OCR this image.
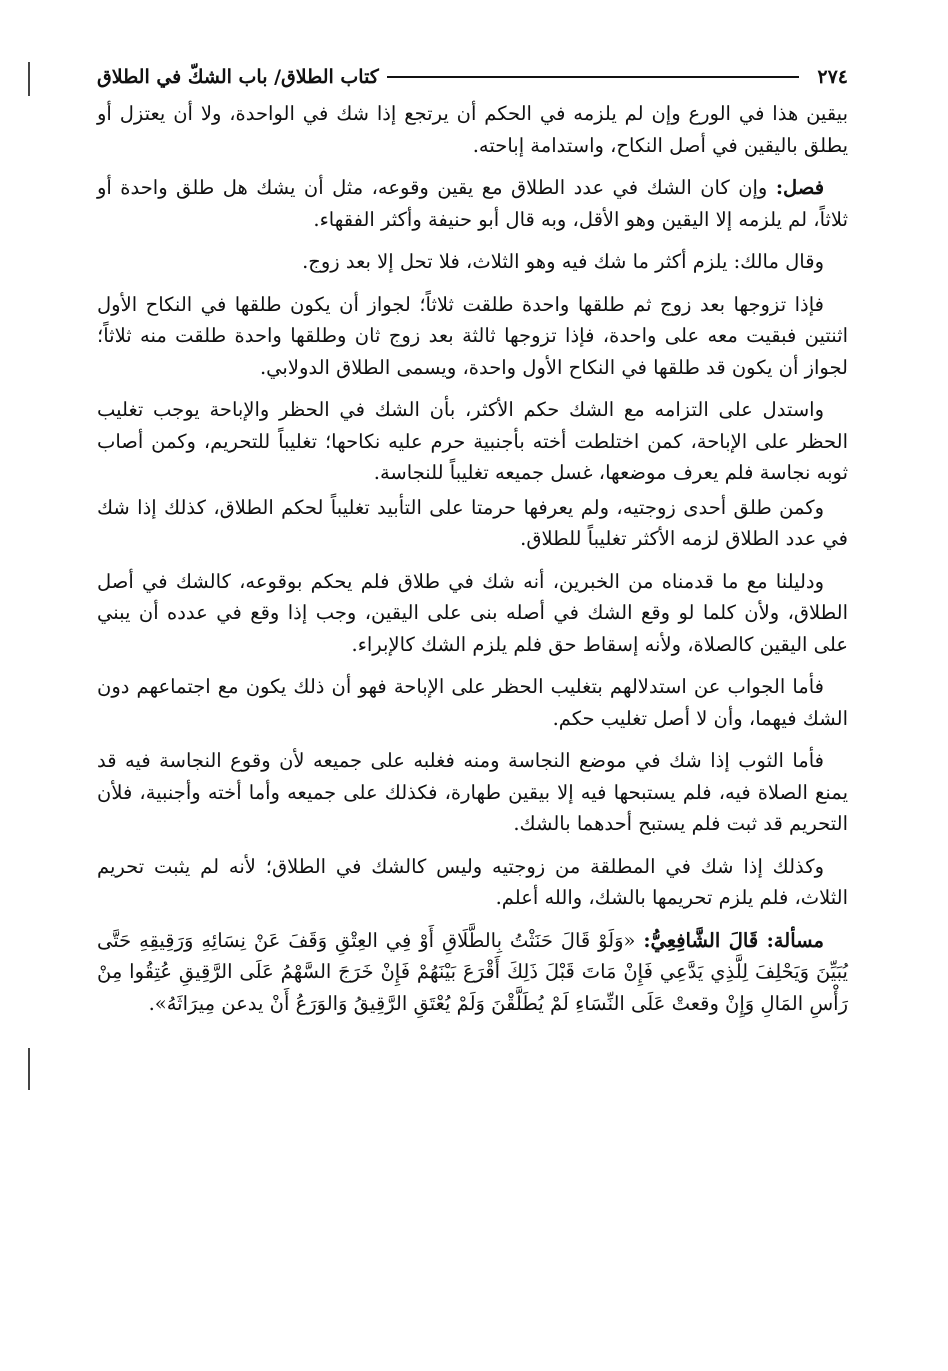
٢٧٤
كتاب الطلاق/ باب الشكّ في الطلاق

بيقين هذا في الورع وإن لم يلزمه في الحكم أن يرتجع إذا شك في الواحدة، ولا أن يعتزل أو يطلق باليقين في أصل النكاح، واستدامة إباحته.

فصل: وإن كان الشك في عدد الطلاق مع يقين وقوعه، مثل أن يشك هل طلق واحدة أو ثلاثاً، لم يلزمه إلا اليقين وهو الأقل، وبه قال أبو حنيفة وأكثر الفقهاء.

وقال مالك: يلزم أكثر ما شك فيه وهو الثلاث، فلا تحل إلا بعد زوج.

فإذا تزوجها بعد زوج ثم طلقها واحدة طلقت ثلاثاً؛ لجواز أن يكون طلقها في النكاح الأول اثنتين فبقيت معه على واحدة، فإذا تزوجها ثالثة بعد زوج ثان وطلقها واحدة طلقت منه ثلاثاً؛ لجواز أن يكون قد طلقها في النكاح الأول واحدة، ويسمى الطلاق الدولابي.

واستدل على التزامه مع الشك حكم الأكثر، بأن الشك في الحظر والإباحة يوجب تغليب الحظر على الإباحة، كمن اختلطت أخته بأجنبية حرم عليه نكاحها؛ تغليباً للتحريم، وكمن أصاب ثوبه نجاسة فلم يعرف موضعها، غسل جميعه تغليباً للنجاسة.

وكمن طلق أحدى زوجتيه، ولم يعرفها حرمتا على التأبيد تغليباً لحكم الطلاق، كذلك إذا شك في عدد الطلاق لزمه الأكثر تغليباً للطلاق.

ودليلنا مع ما قدمناه من الخبرين، أنه شك في طلاق فلم يحكم بوقوعه، كالشك في أصل الطلاق، ولأن كلما لو وقع الشك في أصله بنى على اليقين، وجب إذا وقع في عدده أن يبني على اليقين كالصلاة، ولأنه إسقاط حق فلم يلزم الشك كالإبراء.

فأما الجواب عن استدلالهم بتغليب الحظر على الإباحة فهو أن ذلك يكون مع اجتماعهم دون الشك فيهما، وأن لا أصل تغليب حكم.

فأما الثوب إذا شك في موضع النجاسة ومنه فغلبه على جميعه لأن وقوع النجاسة فيه قد يمنع الصلاة فيه، فلم يستبحها فيه إلا بيقين طهارة، فكذلك على جميعه وأما أخته وأجنبية، فلأن التحريم قد ثبت فلم يستبح أحدهما بالشك.

وكذلك إذا شك في المطلقة من زوجتيه وليس كالشك في الطلاق؛ لأنه لم يثبت تحريم الثلاث، فلم يلزم تحريمها بالشك، والله أعلم.

مسألة: قَالَ الشَّافِعِيُّ: «وَلَوْ قَالَ حَنَثْتُ بِالطَّلَاقِ أَوْ فِي العِتْقِ وَقَفَ عَنْ نِسَائِهِ وَرَقِيقِهِ حَتَّى يُبَيِّنَ وَيَحْلِفَ لِلَّذِي يَدَّعِي فَإِنْ مَاتَ قَبْلَ ذَلِكَ أَقْرَعَ بَيْنَهُمْ فَإِنْ خَرَجَ السَّهْمُ عَلَى الرَّقِيقِ عُتِقُوا مِنْ رَأْسِ المَالِ وَإِنْ وقعتْ عَلَى النِّسَاءِ لَمْ يُطَلَّقْنَ وَلَمْ يُعْتَقِ الرَّقِيقُ وَالوَرَعُ أَنْ يدعن مِيرَاثَهُ».
